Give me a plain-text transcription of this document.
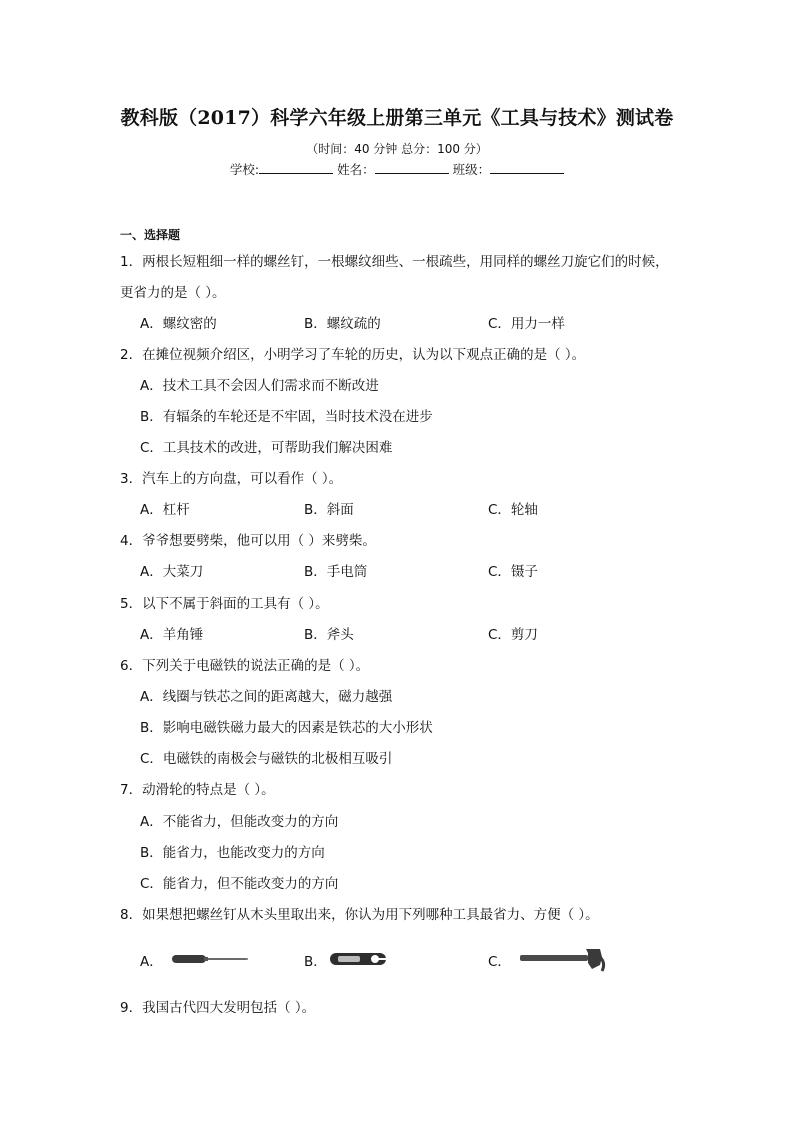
教科版（2017）科学六年级上册第三单元《工具与技术》测试卷
（时间：40 分钟 总分：100 分）
学校:	姓名：	班级：
一、选择题
1．两根长短粗细一样的螺丝钉，一根螺纹细些、一根疏些，用同样的螺丝刀旋它们的时候，
更省力的是（ ）。
A．螺纹密的	B．螺纹疏的	C．用力一样
2．在摊位视频介绍区，小明学习了车轮的历史，认为以下观点正确的是（ ）。
A．技术工具不会因人们需求而不断改进
B．有辐条的车轮还是不牢固，当时技术没在进步
C．工具技术的改进，可帮助我们解决困难
3．汽车上的方向盘，可以看作（ ）。
A．杠杆	B．斜面	C．轮轴
4．爷爷想要劈柴，他可以用（ ）来劈柴。
A．大菜刀	B．手电筒	C．镊子
5．以下不属于斜面的工具有（ ）。
A．羊角锤	B．斧头	C．剪刀
6．下列关于电磁铁的说法正确的是（ ）。
A．线圈与铁芯之间的距离越大，磁力越强
B．影响电磁铁磁力最大的因素是铁芯的大小形状
C．电磁铁的南极会与磁铁的北极相互吸引
7．动滑轮的特点是（ ）。
A．不能省力，但能改变力的方向
B．能省力，也能改变力的方向
C．能省力，但不能改变力的方向
8．如果想把螺丝钉从木头里取出来，你认为用下列哪种工具最省力、方便（ ）。
A．	B．	C．
9．我国古代四大发明包括（ ）。
